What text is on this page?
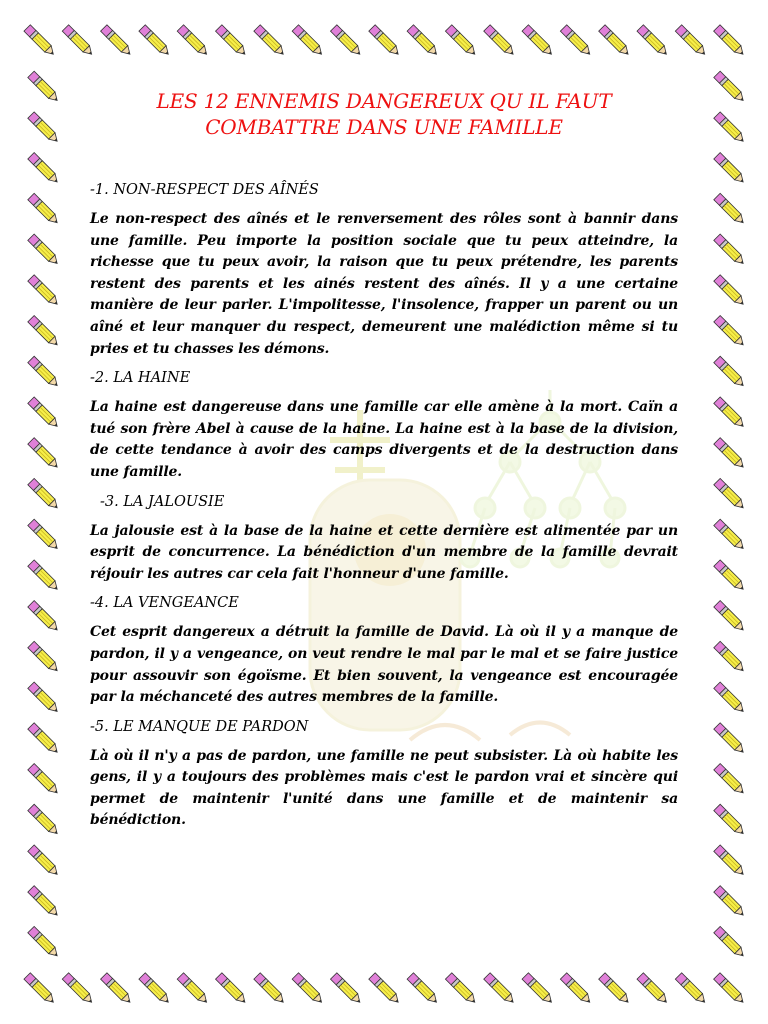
LES 12 ENNEMIS DANGEREUX QU IL FAUT
COMBATTRE DANS UNE FAMILLE

-1. NON-RESPECT DES AÎNÉS

Le non-respect des aînés et le renversement des rôles sont à bannir dans une famille. Peu importe la position sociale que tu peux atteindre, la richesse que tu peux avoir, la raison que tu peux prétendre, les parents restent des parents et les ainés restent des aînés. Il y a une certaine manière de leur parler. L'impolitesse, l'insolence, frapper un parent ou un aîné et leur manquer du respect, demeurent une malédiction même si tu pries et tu chasses les démons.

-2. LA HAINE

La haine est dangereuse dans une famille car elle amène à la mort. Caïn a tué son frère Abel à cause de la haine. La haine est à la base de la division, de cette tendance à avoir des camps divergents et de la destruction dans une famille.

-3. LA JALOUSIE

La jalousie est à la base de la haine et cette dernière est alimentée par un esprit de concurrence. La bénédiction d'un membre de la famille devrait réjouir les autres car cela fait l'honneur d'une famille.

-4. LA VENGEANCE

Cet esprit dangereux a détruit la famille de David. Là où il y a manque de pardon, il y a vengeance, on veut rendre le mal par le mal et se faire justice pour assouvir son égoïsme. Et bien souvent, la vengeance est encouragée par la méchanceté des autres membres de la famille.

-5. LE MANQUE DE PARDON

Là où il n'y a pas de pardon, une famille ne peut subsister. Là où habite les gens, il y a toujours des problèmes mais c'est le pardon vrai et sincère qui permet de maintenir l'unité dans une famille et de maintenir sa bénédiction.
